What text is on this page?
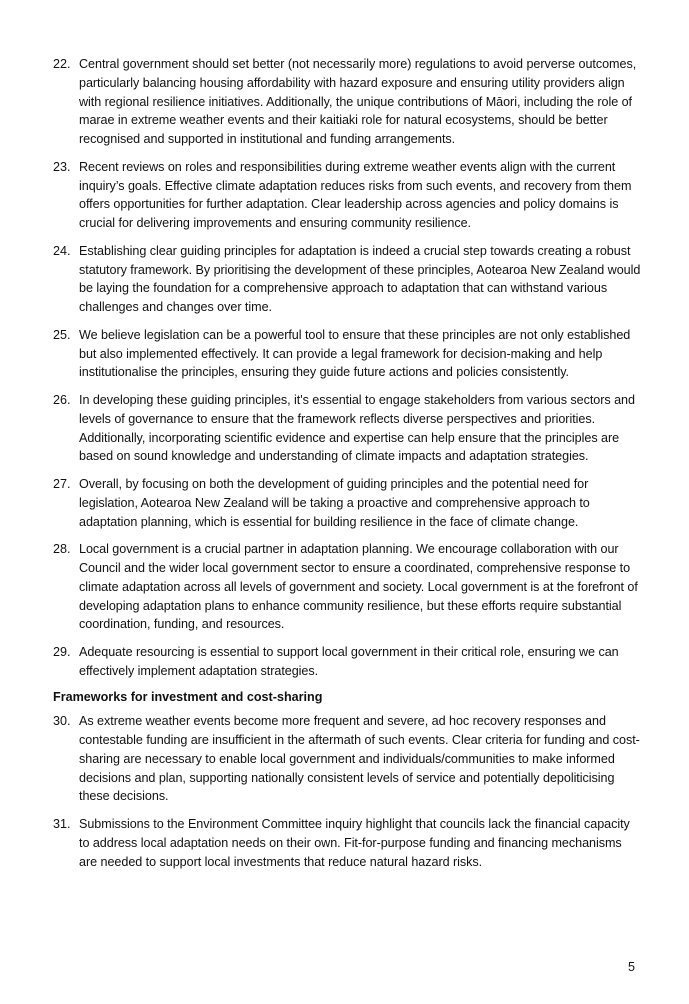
22. Central government should set better (not necessarily more) regulations to avoid perverse outcomes, particularly balancing housing affordability with hazard exposure and ensuring utility providers align with regional resilience initiatives. Additionally, the unique contributions of Māori, including the role of marae in extreme weather events and their kaitiaki role for natural ecosystems, should be better recognised and supported in institutional and funding arrangements.
23. Recent reviews on roles and responsibilities during extreme weather events align with the current inquiry’s goals. Effective climate adaptation reduces risks from such events, and recovery from them offers opportunities for further adaptation. Clear leadership across agencies and policy domains is crucial for delivering improvements and ensuring community resilience.
24. Establishing clear guiding principles for adaptation is indeed a crucial step towards creating a robust statutory framework. By prioritising the development of these principles, Aotearoa New Zealand would be laying the foundation for a comprehensive approach to adaptation that can withstand various challenges and changes over time.
25. We believe legislation can be a powerful tool to ensure that these principles are not only established but also implemented effectively. It can provide a legal framework for decision-making and help institutionalise the principles, ensuring they guide future actions and policies consistently.
26. In developing these guiding principles, it's essential to engage stakeholders from various sectors and levels of governance to ensure that the framework reflects diverse perspectives and priorities. Additionally, incorporating scientific evidence and expertise can help ensure that the principles are based on sound knowledge and understanding of climate impacts and adaptation strategies.
27. Overall, by focusing on both the development of guiding principles and the potential need for legislation, Aotearoa New Zealand will be taking a proactive and comprehensive approach to adaptation planning, which is essential for building resilience in the face of climate change.
28. Local government is a crucial partner in adaptation planning. We encourage collaboration with our Council and the wider local government sector to ensure a coordinated, comprehensive response to climate adaptation across all levels of government and society. Local government is at the forefront of developing adaptation plans to enhance community resilience, but these efforts require substantial coordination, funding, and resources.
29. Adequate resourcing is essential to support local government in their critical role, ensuring we can effectively implement adaptation strategies.
Frameworks for investment and cost-sharing
30. As extreme weather events become more frequent and severe, ad hoc recovery responses and contestable funding are insufficient in the aftermath of such events. Clear criteria for funding and cost-sharing are necessary to enable local government and individuals/communities to make informed decisions and plan, supporting nationally consistent levels of service and potentially depoliticising these decisions.
31. Submissions to the Environment Committee inquiry highlight that councils lack the financial capacity to address local adaptation needs on their own. Fit-for-purpose funding and financing mechanisms are needed to support local investments that reduce natural hazard risks.
5
